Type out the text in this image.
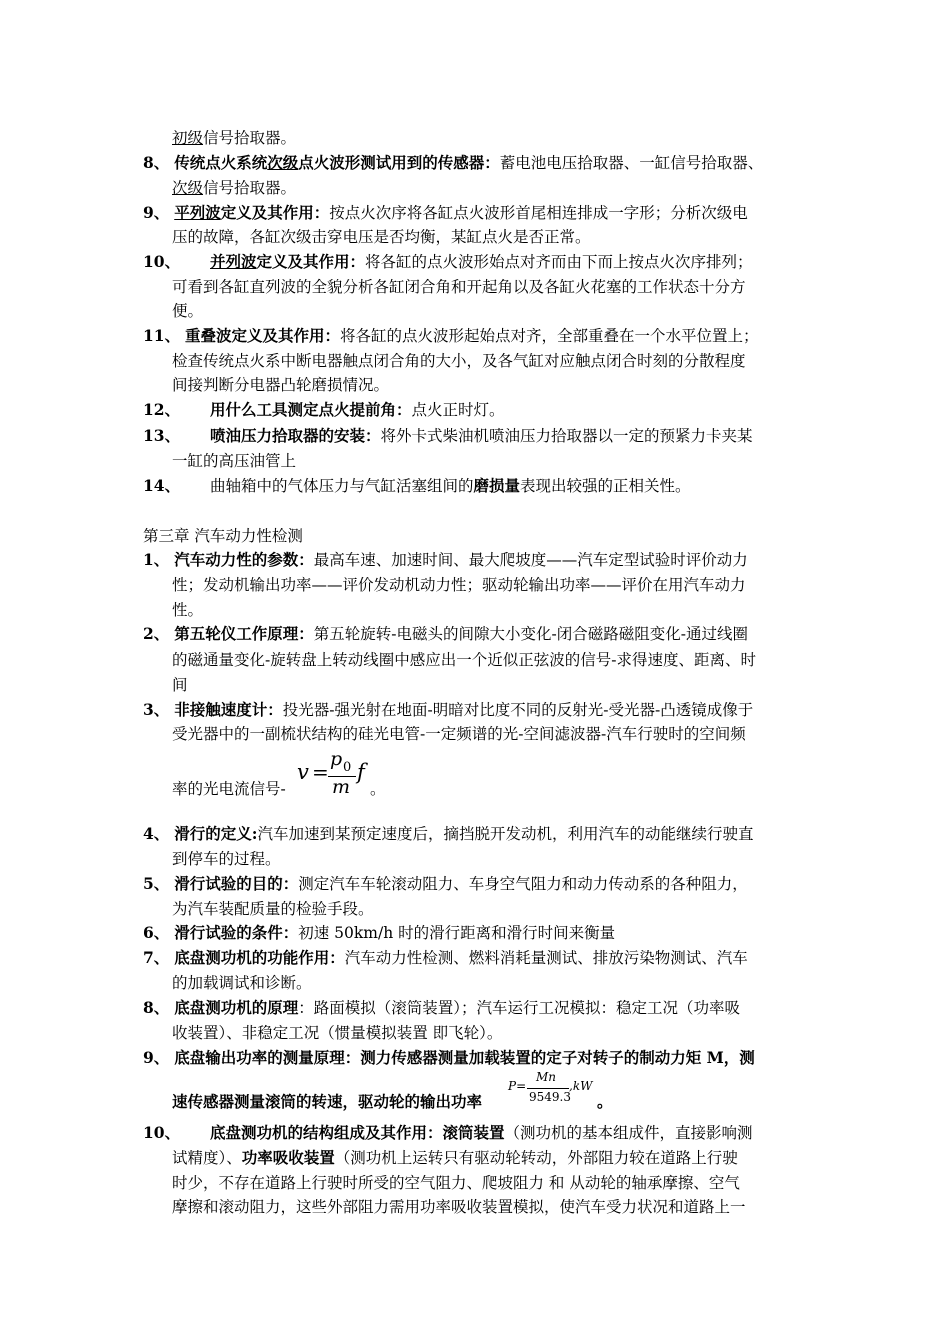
初级信号拾取器。
8、 传统点火系统次级点火波形测试用到的传感器：蓄电池电压拾取器、一缸信号拾取器、
次级信号拾取器。
9、 平列波定义及其作用：按点火次序将各缸点火波形首尾相连排成一字形；分析次级电
压的故障，各缸次级击穿电压是否均衡，某缸点火是否正常。
10、 并列波定义及其作用：将各缸的点火波形始点对齐而由下而上按点火次序排列；
可看到各缸直列波的全貌分析各缸闭合角和开起角以及各缸火花塞的工作状态十分方
便。
11、 重叠波定义及其作用：将各缸的点火波形起始点对齐，全部重叠在一个水平位置上；
检查传统点火系中断电器触点闭合角的大小，及各气缸对应触点闭合时刻的分散程度
间接判断分电器凸轮磨损情况。
12、 用什么工具测定点火提前角：点火正时灯。
13、 喷油压力拾取器的安装：将外卡式柴油机喷油压力拾取器以一定的预紧力卡夹某
一缸的高压油管上
14、 曲轴箱中的气体压力与气缸活塞组间的磨损量表现出较强的正相关性。
第三章 汽车动力性检测
1、 汽车动力性的参数：最高车速、加速时间、最大爬坡度——汽车定型试验时评价动力
性；发动机输出功率——评价发动机动力性；驱动轮输出功率——评价在用汽车动力
性。
2、 第五轮仪工作原理：第五轮旋转-电磁头的间隙大小变化-闭合磁路磁阻变化-通过线圈
的磁通量变化-旋转盘上转动线圈中感应出一个近似正弦波的信号-求得速度、距离、时
间
3、 非接触速度计：投光器-强光射在地面-明暗对比度不同的反射光-受光器-凸透镜成像于
受光器中的一副梳状结构的硅光电管-一定频谱的光-空间滤波器-汽车行驶时的空间频
率的光电流信号-
v =
p 0
m
f
。
4、 滑行的定义:汽车加速到某预定速度后，摘挡脱开发动机，利用汽车的动能继续行驶直
到停车的过程。
5、 滑行试验的目的：测定汽车车轮滚动阻力、车身空气阻力和动力传动系的各种阻力，
为汽车装配质量的检验手段。
6、 滑行试验的条件：初速 50km/h 时的滑行距离和滑行时间来衡量
7、 底盘测功机的功能作用：汽车动力性检测、燃料消耗量测试、排放污染物测试、汽车
的加载调试和诊断。
8、 底盘测功机的原理：路面模拟（滚筒装置）；汽车运行工况模拟：稳定工况（功率吸
收装置）、非稳定工况（惯量模拟装置 即飞轮）。
9、 底盘输出功率的测量原理：测力传感器测量加载装置的定子对转子的制动力矩 M，测
速传感器测量滚筒的转速，驱动轮的输出功率
P=
Mn
9549.3
,kW
。
10、 底盘测功机的结构组成及其作用：滚筒装置（测功机的基本组成件，直接影响测
试精度）、功率吸收装置（测功机上运转只有驱动轮转动，外部阻力较在道路上行驶
时少，不存在道路上行驶时所受的空气阻力、爬坡阻力 和 从动轮的轴承摩擦、空气
摩擦和滚动阻力，这些外部阻力需用功率吸收装置模拟，使汽车受力状况和道路上一
